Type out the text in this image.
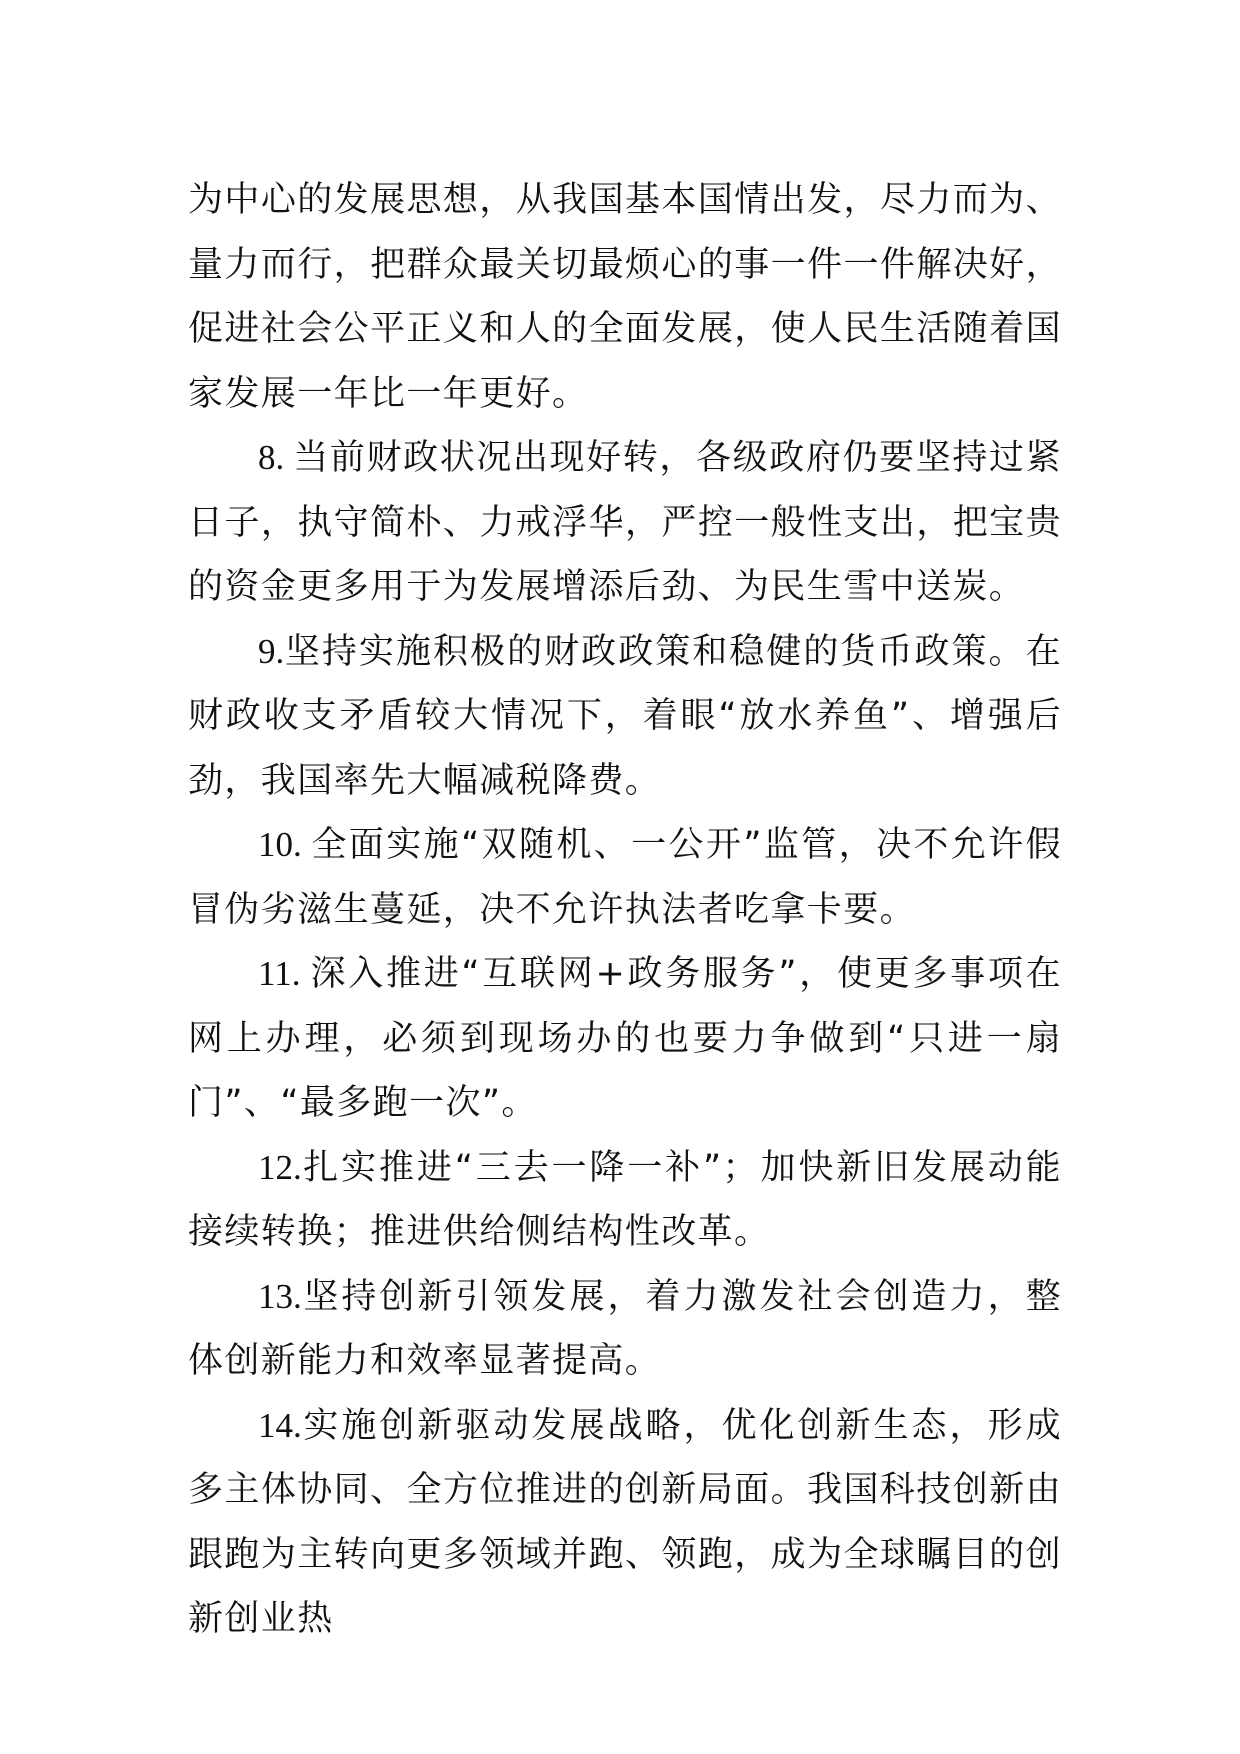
为中心的发展思想，从我国基本国情出发，尽力而为、量力而行，把群众最关切最烦心的事一件一件解决好，促进社会公平正义和人的全面发展，使人民生活随着国家发展一年比一年更好。

8. 当前财政状况出现好转，各级政府仍要坚持过紧日子，执守简朴、力戒浮华，严控一般性支出，把宝贵的资金更多用于为发展增添后劲、为民生雪中送炭。

9.坚持实施积极的财政政策和稳健的货币政策。在财政收支矛盾较大情况下，着眼“放水养鱼”、增强后劲，我国率先大幅减税降费。

10. 全面实施“双随机、一公开”监管，决不允许假冒伪劣滋生蔓延，决不允许执法者吃拿卡要。

11. 深入推进“互联网+政务服务”，使更多事项在网上办理，必须到现场办的也要力争做到“只进一扇门”、“最多跑一次”。

12.扎实推进“三去一降一补”；加快新旧发展动能接续转换；推进供给侧结构性改革。

13.坚持创新引领发展，着力激发社会创造力，整体创新能力和效率显著提高。

14.实施创新驱动发展战略，优化创新生态，形成多主体协同、全方位推进的创新局面。我国科技创新由跟跑为主转向更多领域并跑、领跑，成为全球瞩目的创新创业热
